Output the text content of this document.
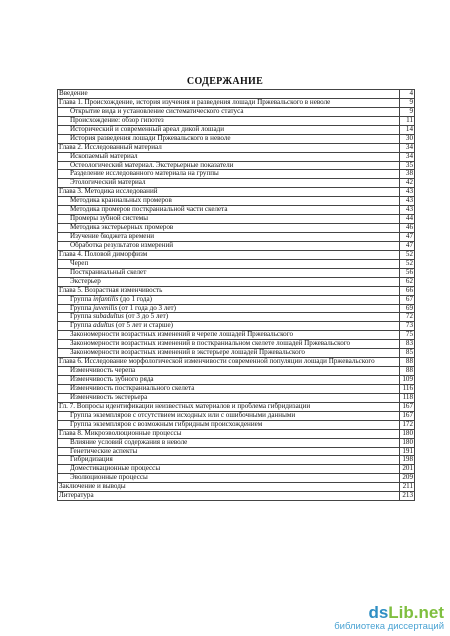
СОДЕРЖАНИЕ
Введение	4
Глава 1. Происхождение, история изучения и разведения лошади Пржевальского в неволе	9
Открытие вида и установление систематического статуса	9
Происхождение: обзор гипотез	11
Исторический и современный ареал дикой лошади	14
История разведения лошади Пржевальского в неволе	30
Глава 2. Исследованный материал	34
Ископаемый материал	34
Остеологический материал. Экстерьерные показатели	35
Разделение исследованного материала на группы	38
Этологический материал	42
Глава 3. Методика исследований	43
Методика краниальных промеров	43
Методика промеров посткраниальной части скелета	43
Промеры зубной системы	44
Методика экстерьерных промеров	46
Изучение бюджета времени	47
Обработка результатов измерений	47
Глава 4. Половой диморфизм	52
Череп	52
Посткраниальный скелет	56
Экстерьер	62
Глава 5. Возрастная изменчивость	66
Группа infantilis (до 1 года)	67
Группа juvenilis (от 1 года до 3 лет)	69
Группа subadultus (от 3 до 5 лет)	72
Группа adultus (от 5 лет и старше)	73
Закономерности возрастных изменений в черепе лошадей Пржевальского	75
Закономерности возрастных изменений в посткраниальном скелете лошадей Пржевальского	83
Закономерности возрастных изменений в экстерьере лошадей Пржевальского	85
Глава 6. Исследование морфологической изменчивости современной популяции лошади Пржевальского	88
Изменчивость черепа	88
Изменчивость зубного ряда	109
Изменчивость посткраниального скелета	116
Изменчивость экстерьера	118
Гл. 7. Вопросы идентификации неизвестных материалов и проблема гибридизации	167
Группа экземпляров с отсутствием исходных или с ошибочными данными	167
Группа экземпляров с возможным гибридным происхождением	172
Глава 8. Микроэволюционные процессы	180
Влияние условий содержания в неволе	180
Генетические аспекты	191
Гибридизация	198
Доместикационные процессы	201
Эволюционные процессы	209
Заключение и выводы	211
Литература	213
dsLib.net
библиотека диссертаций
